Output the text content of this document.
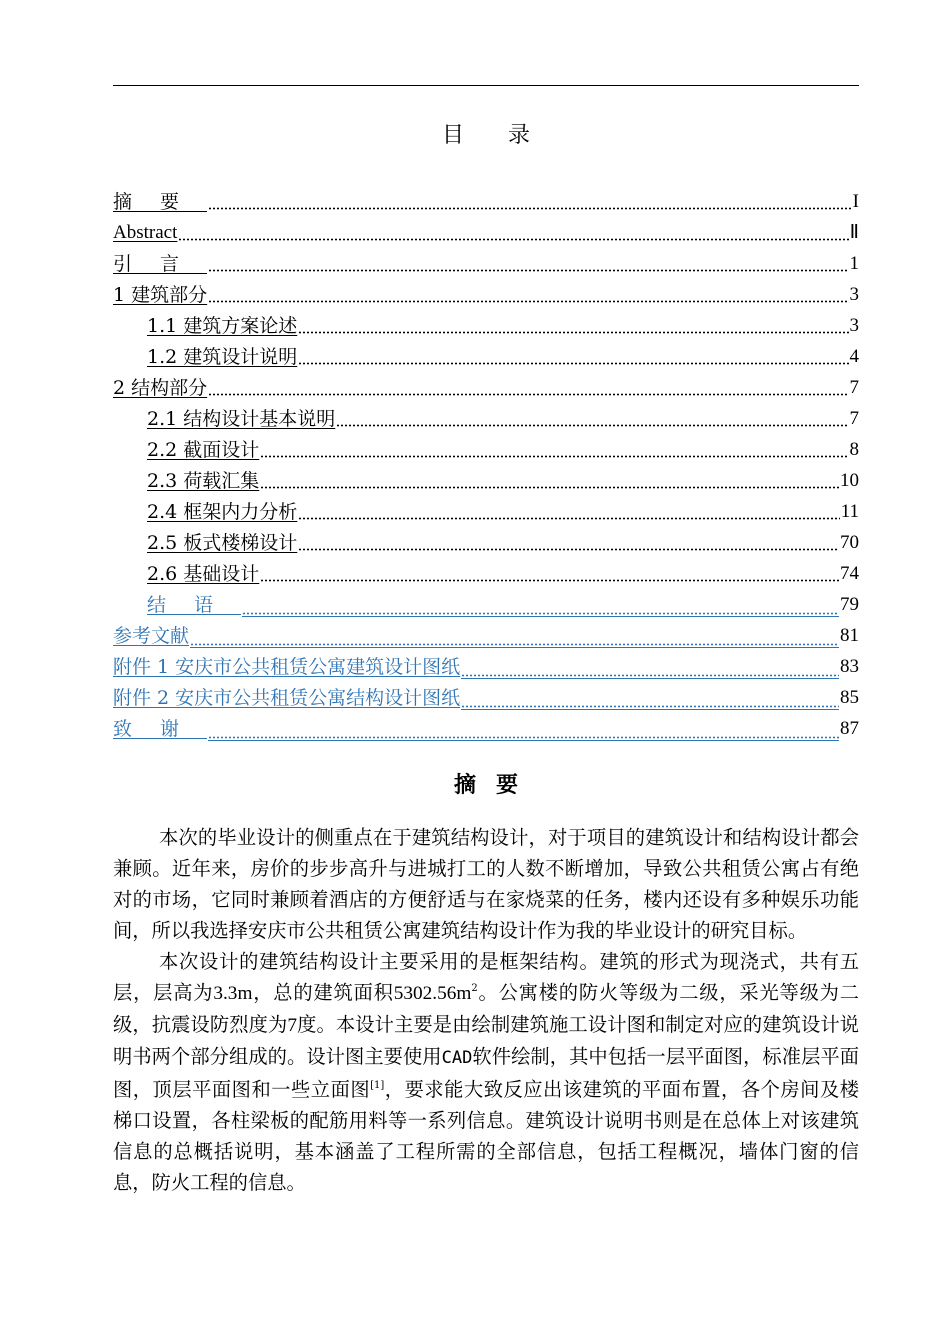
目录
摘要	I
Abstract	Ⅱ
引言	1
1 建筑部分	3
1.1 建筑方案论述	3
1.2 建筑设计说明	4
2 结构部分	7
2.1 结构设计基本说明	7
2.2 截面设计	8
2.3 荷载汇集	10
2.4 框架内力分析	11
2.5 板式楼梯设计	70
2.6 基础设计	74
结语	79
参考文献	81
附件 1 安庆市公共租赁公寓建筑设计图纸	83
附件 2 安庆市公共租赁公寓结构设计图纸	85
致谢	87
摘要

本次的毕业设计的侧重点在于建筑结构设计，对于项目的建筑设计和结构设计都会兼顾。近年来，房价的步步高升与进城打工的人数不断增加，导致公共租赁公寓占有绝对的市场，它同时兼顾着酒店的方便舒适与在家烧菜的任务，楼内还设有多种娱乐功能间，所以我选择安庆市公共租赁公寓建筑结构设计作为我的毕业设计的研究目标。

本次设计的建筑结构设计主要采用的是框架结构。建筑的形式为现浇式，共有五层，层高为3.3m，总的建筑面积$5302.56m^2$。公寓楼的防火等级为二级，采光等级为二级，抗震设防烈度为7度。本设计主要是由绘制建筑施工设计图和制定对应的建筑设计说明书两个部分组成的。设计图主要使用CAD软件绘制，其中包括一层平面图，标准层平面图，顶层平面图和一些立面图[1]，要求能大致反应出该建筑的平面布置，各个房间及楼梯口设置，各柱梁板的配筋用料等一系列信息。建筑设计说明书则是在总体上对该建筑信息的总概括说明，基本涵盖了工程所需的全部信息，包括工程概况，墙体门窗的信息，防火工程的信息。
